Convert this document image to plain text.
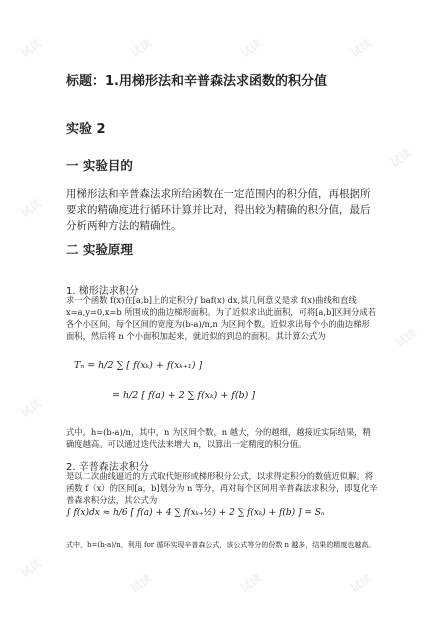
试读	试读	试读	试读
试读
试读
试读
试读
试读
试读	试读	试读
标题：1.用梯形法和辛普森法求函数的积分值
实验 2
一 实验目的
用梯形法和辛普森法求所给函数在一定范围内的积分值，再根据所要求的精确度进行循环计算并比对，得出较为精确的积分值，最后分析两种方法的精确性。
二 实验原理
1. 梯形法求积分
求一个函数 f(x)在[a,b]上的定积分∫ baf(x) dx,其几何意义是求 f(x)曲线和直线 x=a,y=0,x=b 所围成的曲边梯形面积。为了近似求出此面积，可将[a,b]区间分成若各个小区间，每个区间的宽度为(b-a)/n,n 为区间个数。近似求出每个小的曲边梯形面积，然后将 n 个小面积加起来，就近似的到总的面积。其计算公式为
Tₙ = h/2 ∑ [ f(xₖ) + f(xₖ₊₁) ]
= h/2 [ f(a) + 2 ∑ f(xₖ) + f(b) ]
式中，h=(b-a)/n，其中，n 为区间个数，n 越大，分的越细，越接近实际结果，精确度越高。可以通过迭代法来增大 n，以算出一定精度的积分值。
2. 辛普森法求积分
是以二次曲线逼近的方式取代矩形或梯形积分公式，以求得定积分的数值近似解。将函数 f（x）的区间[a，b]划分为 n 等分，再对每个区间用辛普森法求积分，即复化辛普森求积分法，其公式为
∫ f(x)dx ≈ h/6 [ f(a) + 4 ∑ f(xₖ₊½) + 2 ∑ f(xₖ) + f(b) ] = Sₙ
式中，h=(b-a)/n，利用 for 循环实现辛普森公式，该公式等分的份数 n 越多，结果的精度也越高。
